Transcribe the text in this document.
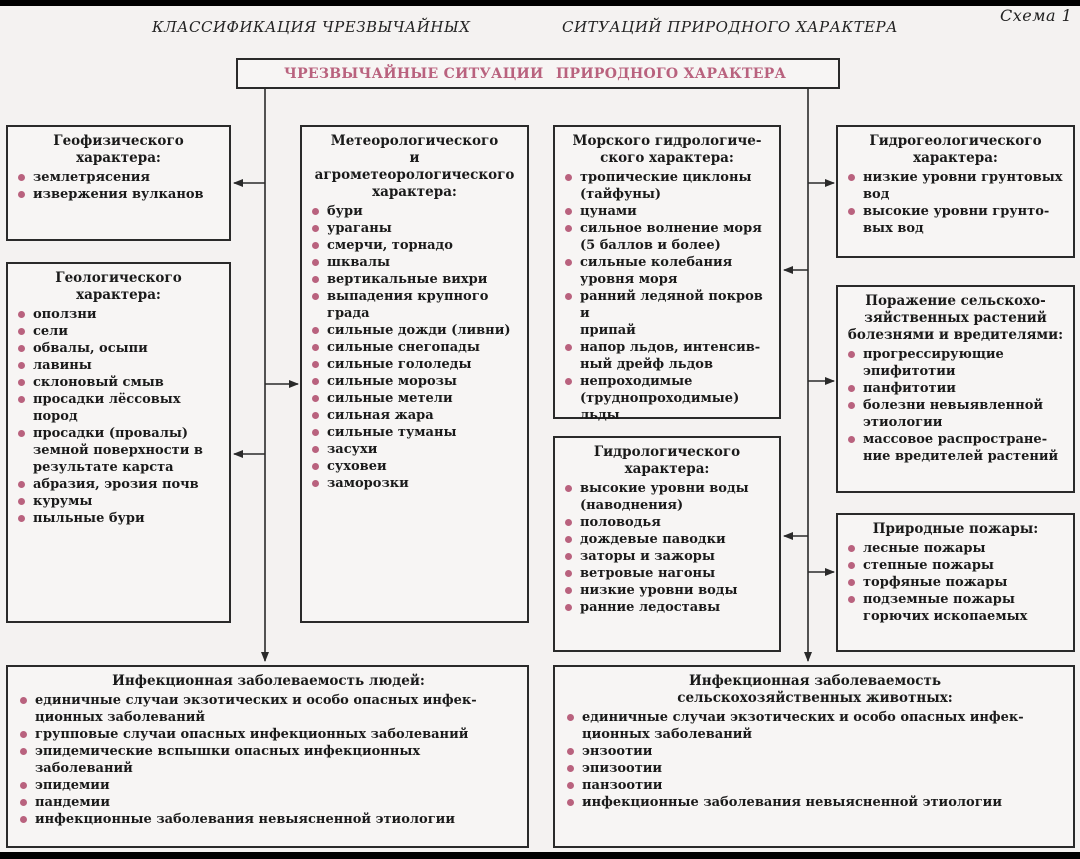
КЛАССИФИКАЦИЯ ЧРЕЗВЫЧАЙНЫХ	СИТУАЦИЙ ПРИРОДНОГО ХАРАКТЕРА
Схема 1
ЧРЕЗВЫЧАЙНЫЕ СИТУАЦИИ ПРИРОДНОГО ХАРАКТЕРА
Геофизического
характера:
землетрясения
извержения вулканов
Геологического
характера:
оползни
сели
обвалы, осыпи
лавины
склоновый смыв
просадки лёссовых
пород
просадки (провалы)
земной поверхности в
результате карста
абразия, эрозия почв
курумы
пыльные бури
Метеорологического
и агрометеорологического
характера:
бури
ураганы
смерчи, торнадо
шквалы
вертикальные вихри
выпадения крупного
града
сильные дожди (ливни)
сильные снегопады
сильные гололеды
сильные морозы
сильные метели
сильная жара
сильные туманы
засухи
суховеи
заморозки
Морского гидрологиче-
ского характера:
тропические циклоны
(тайфуны)
цунами
сильное волнение моря
(5 баллов и более)
сильные колебания
уровня моря
ранний ледяной покров и
припай
напор льдов, интенсив-
ный дрейф льдов
непроходимые
(труднопроходимые)
льды
Гидрологического
характера:
высокие уровни воды
(наводнения)
половодья
дождевые паводки
заторы и зажоры
ветровые нагоны
низкие уровни воды
ранние ледоставы
Гидрогеологического
характера:
низкие уровни грунтовых
вод
высокие уровни грунто-
вых вод
Поражение сельскохо-
зяйственных растений
болезнями и вредителями:
прогрессирующие
эпифитотии
панфитотии
болезни невыявленной
этиологии
массовое распростране-
ние вредителей растений
Природные пожары:
лесные пожары
степные пожары
торфяные пожары
подземные пожары
горючих ископаемых
Инфекционная заболеваемость людей:
единичные случаи экзотических и особо опасных инфек-
ционных заболеваний
групповые случаи опасных инфекционных заболеваний
эпидемические вспышки опасных инфекционных заболеваний
эпидемии
пандемии
инфекционные заболевания невыясненной этиологии
Инфекционная заболеваемость
сельскохозяйственных животных:
единичные случаи экзотических и особо опасных инфек-
ционных заболеваний
энзоотии
эпизоотии
панзоотии
инфекционные заболевания невыясненной этиологии
